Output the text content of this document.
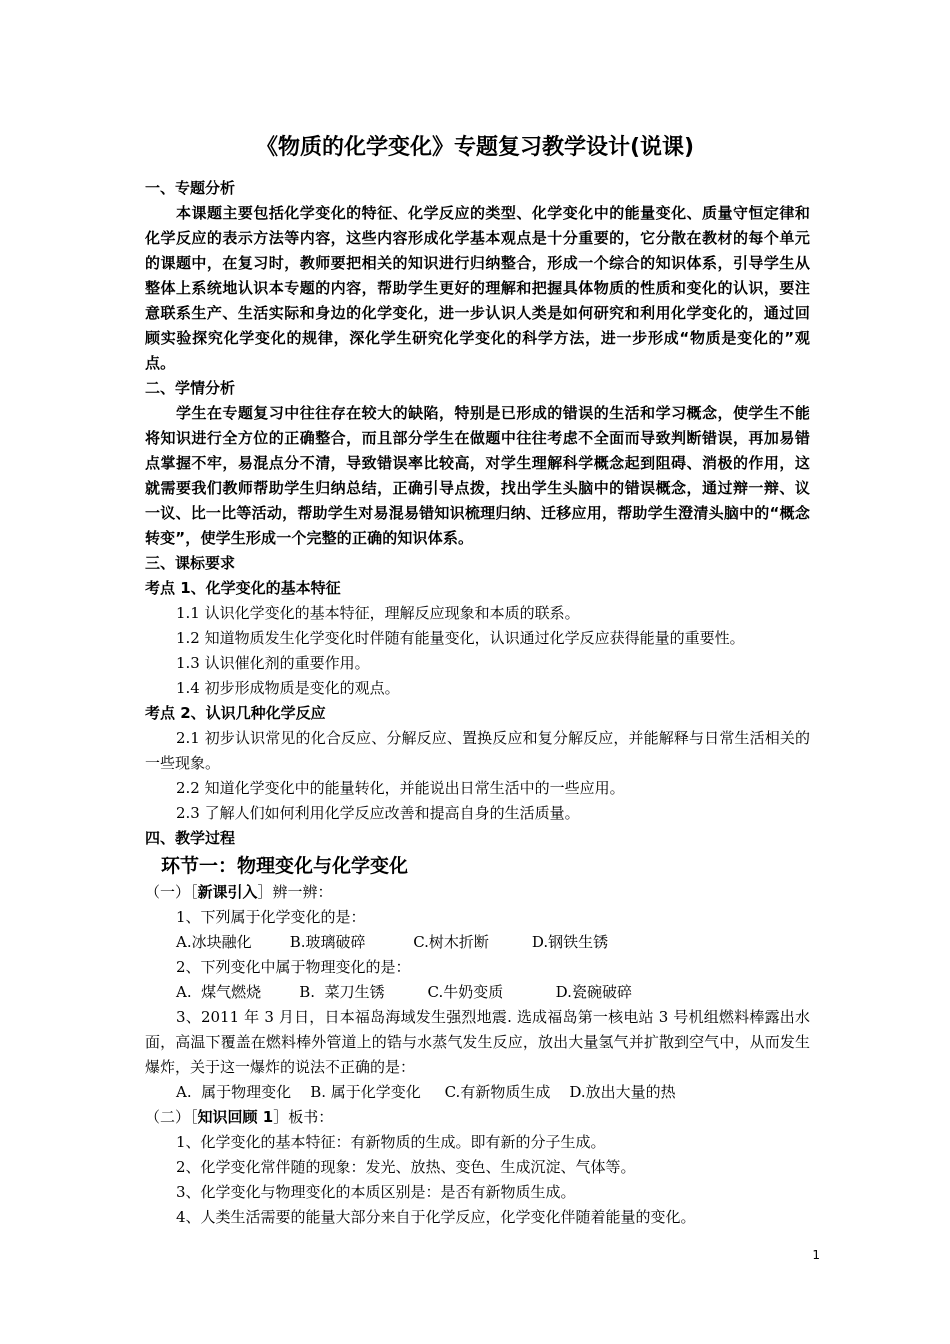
《物质的化学变化》专题复习教学设计(说课)

一、专题分析

本课题主要包括化学变化的特征、化学反应的类型、化学变化中的能量变化、质量守恒定律和化学反应的表示方法等内容，这些内容形成化学基本观点是十分重要的，它分散在教材的每个单元的课题中，在复习时，教师要把相关的知识进行归纳整合，形成一个综合的知识体系，引导学生从整体上系统地认识本专题的内容，帮助学生更好的理解和把握具体物质的性质和变化的认识，要注意联系生产、生活实际和身边的化学变化，进一步认识人类是如何研究和利用化学变化的，通过回顾实验探究化学变化的规律，深化学生研究化学变化的科学方法，进一步形成“物质是变化的”观点。

二、学情分析

学生在专题复习中往往存在较大的缺陷，特别是已形成的错误的生活和学习概念，使学生不能将知识进行全方位的正确整合，而且部分学生在做题中往往考虑不全面而导致判断错误，再加易错点掌握不牢，易混点分不清，导致错误率比较高，对学生理解科学概念起到阻碍、消极的作用，这就需要我们教师帮助学生归纳总结，正确引导点拨，找出学生头脑中的错误概念，通过辩一辩、议一议、比一比等活动，帮助学生对易混易错知识梳理归纳、迁移应用，帮助学生澄清头脑中的“概念转变”，使学生形成一个完整的正确的知识体系。

三、课标要求

考点 1、化学变化的基本特征

1.1 认识化学变化的基本特征，理解反应现象和本质的联系。

1.2 知道物质发生化学变化时伴随有能量变化，认识通过化学反应获得能量的重要性。

1.3 认识催化剂的重要作用。

1.4 初步形成物质是变化的观点。

考点 2、认识几种化学反应

2.1 初步认识常见的化合反应、分解反应、置换反应和复分解反应，并能解释与日常生活相关的一些现象。

2.2 知道化学变化中的能量转化，并能说出日常生活中的一些应用。

2.3 了解人们如何利用化学反应改善和提高自身的生活质量。

四、教学过程

环节一：物理变化与化学变化

（一）［新课引入］辨一辨：

1、下列属于化学变化的是：

A.冰块融化        B.玻璃破碎          C.树木折断         D.钢铁生锈

2、下列变化中属于物理变化的是：

A.  煤气燃烧        B.  菜刀生锈         C.牛奶变质           D.瓷碗破碎

3、2011 年 3 月日，日本福岛海域发生强烈地震. 选成福岛第一核电站 3 号机组燃料棒露出水面，高温下覆盖在燃料棒外管道上的锆与水蒸气发生反应，放出大量氢气并扩散到空气中，从而发生爆炸，关于这一爆炸的说法不正确的是：

A.  属于物理变化    B. 属于化学变化     C.有新物质生成    D.放出大量的热

（二）［知识回顾 1］板书：

1、化学变化的基本特征：有新物质的生成。即有新的分子生成。

2、化学变化常伴随的现象：发光、放热、变色、生成沉淀、气体等。

3、化学变化与物理变化的本质区别是：是否有新物质生成。

4、人类生活需要的能量大部分来自于化学反应，化学变化伴随着能量的变化。

1
